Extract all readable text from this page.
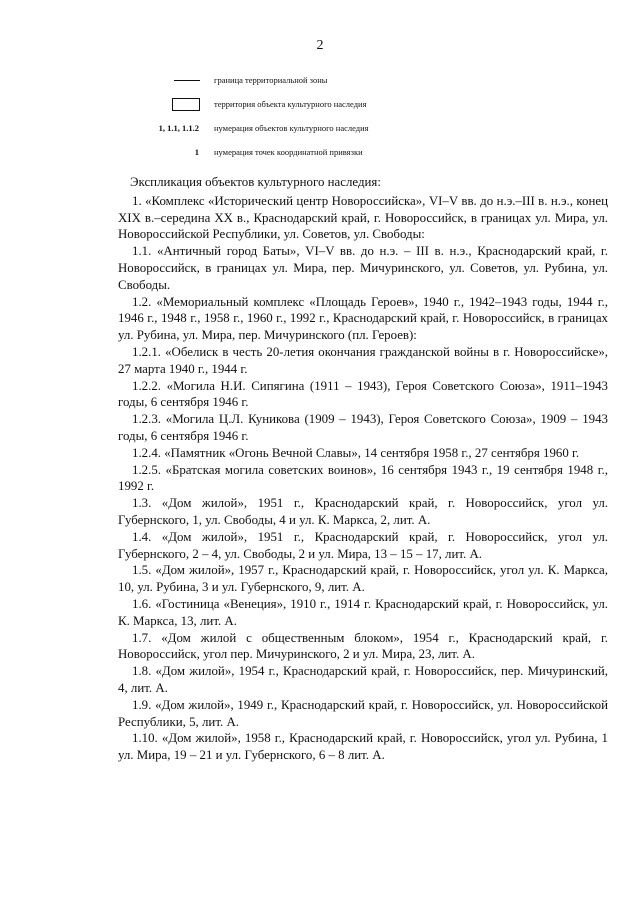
2
граница территориальной зоны
территория объекта культурного наследия
1, 1.1, 1.1.2	нумерация объектов культурного наследия
1	нумерация точек координатной привязки

Экспликация объектов культурного наследия:

1. «Комплекс «Исторический центр Новороссийска», VI–V вв. до н.э.–III в. н.э., конец XIX в.–середина XX в., Краснодарский край, г. Новороссийск, в границах ул. Мира, ул. Новороссийской Республики, ул. Советов, ул. Свободы:

1.1. «Античный город Баты», VI–V вв. до н.э. – III в. н.э., Краснодарский край, г. Новороссийск, в границах ул. Мира, пер. Мичуринского, ул. Советов, ул. Рубина, ул. Свободы.

1.2. «Мемориальный комплекс «Площадь Героев», 1940 г., 1942–1943 годы, 1944 г., 1946 г., 1948 г., 1958 г., 1960 г., 1992 г., Краснодарский край, г. Новороссийск, в границах ул. Рубина, ул. Мира, пер. Мичуринского (пл. Героев):

1.2.1. «Обелиск в честь 20-летия окончания гражданской войны в г. Новороссийске», 27 марта 1940 г., 1944 г.

1.2.2. «Могила Н.И. Сипягина (1911 – 1943), Героя Советского Союза», 1911–1943 годы, 6 сентября 1946 г.

1.2.3. «Могила Ц.Л. Куникова (1909 – 1943), Героя Советского Союза», 1909 – 1943 годы, 6 сентября 1946 г.

1.2.4. «Памятник «Огонь Вечной Славы», 14 сентября 1958 г., 27 сентября 1960 г.

1.2.5. «Братская могила советских воинов», 16 сентября 1943 г., 19 сентября 1948 г., 1992 г.

1.3. «Дом жилой», 1951 г., Краснодарский край, г. Новороссийск, угол ул. Губернского, 1, ул. Свободы, 4 и ул. К. Маркса, 2, лит. А.

1.4. «Дом жилой», 1951 г., Краснодарский край, г. Новороссийск, угол ул. Губернского, 2 – 4, ул. Свободы, 2 и ул. Мира, 13 – 15 – 17, лит. А.

1.5. «Дом жилой», 1957 г., Краснодарский край, г. Новороссийск, угол ул. К. Маркса, 10, ул. Рубина, 3 и ул. Губернского, 9, лит. А.

1.6. «Гостиница «Венеция», 1910 г., 1914 г. Краснодарский край, г. Новороссийск, ул. К. Маркса, 13, лит. А.

1.7. «Дом жилой с общественным блоком», 1954 г., Краснодарский край, г. Новороссийск, угол пер. Мичуринского, 2 и ул. Мира, 23, лит. А.

1.8. «Дом жилой», 1954 г., Краснодарский край, г. Новороссийск, пер. Мичуринский, 4, лит. А.

1.9. «Дом жилой», 1949 г., Краснодарский край, г. Новороссийск, ул. Новороссийской Республики, 5, лит. А.

1.10. «Дом жилой», 1958 г., Краснодарский край, г. Новороссийск, угол ул. Рубина, 1 ул. Мира, 19 – 21 и ул. Губернского, 6 – 8 лит. А.
